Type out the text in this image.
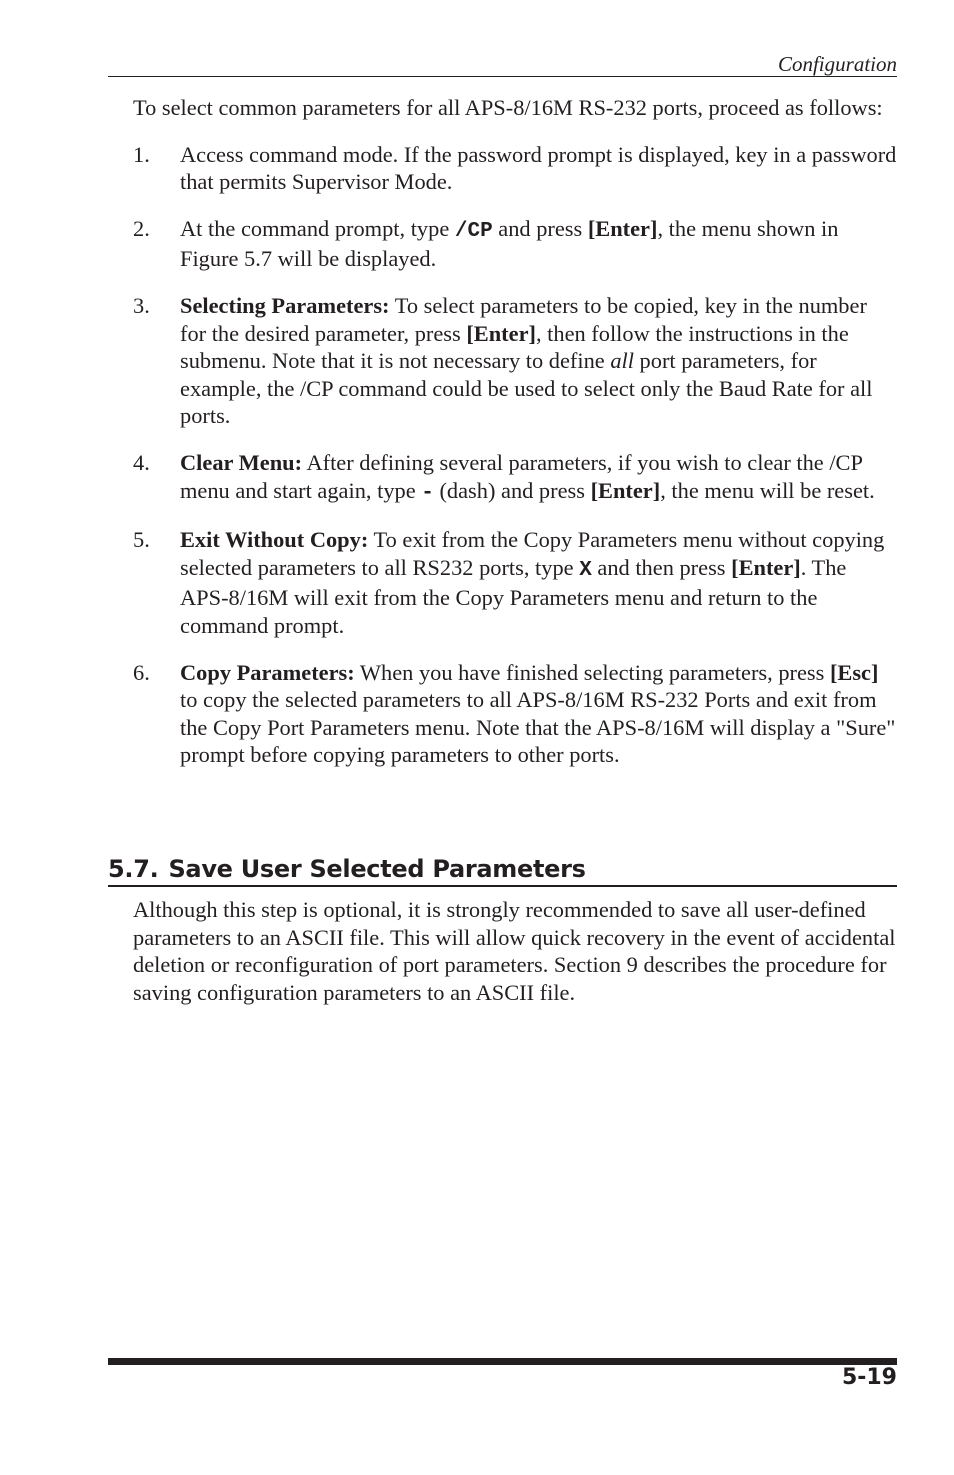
Configuration

To select common parameters for all APS-8/16M RS-232 ports, proceed as follows:

1. Access command mode. If the password prompt is displayed, key in a password that permits Supervisor Mode.
2. At the command prompt, type /CP and press [Enter], the menu shown in Figure 5.7 will be displayed.
3. Selecting Parameters: To select parameters to be copied, key in the number for the desired parameter, press [Enter], then follow the instructions in the submenu. Note that it is not necessary to define all port parameters, for example, the /CP command could be used to select only the Baud Rate for all ports.
4. Clear Menu: After defining several parameters, if you wish to clear the /CP menu and start again, type - (dash) and press [Enter], the menu will be reset.
5. Exit Without Copy: To exit from the Copy Parameters menu without copying selected parameters to all RS232 ports, type X and then press [Enter]. The APS-8/16M will exit from the Copy Parameters menu and return to the command prompt.
6. Copy Parameters: When you have finished selecting parameters, press [Esc] to copy the selected parameters to all APS-8/16M RS-232 Ports and exit from the Copy Port Parameters menu. Note that the APS-8/16M will display a "Sure" prompt before copying parameters to other ports.
5.7. Save User Selected Parameters

Although this step is optional, it is strongly recommended to save all user-defined parameters to an ASCII file. This will allow quick recovery in the event of accidental deletion or reconfiguration of port parameters. Section 9 describes the procedure for saving configuration parameters to an ASCII file.

5-19
